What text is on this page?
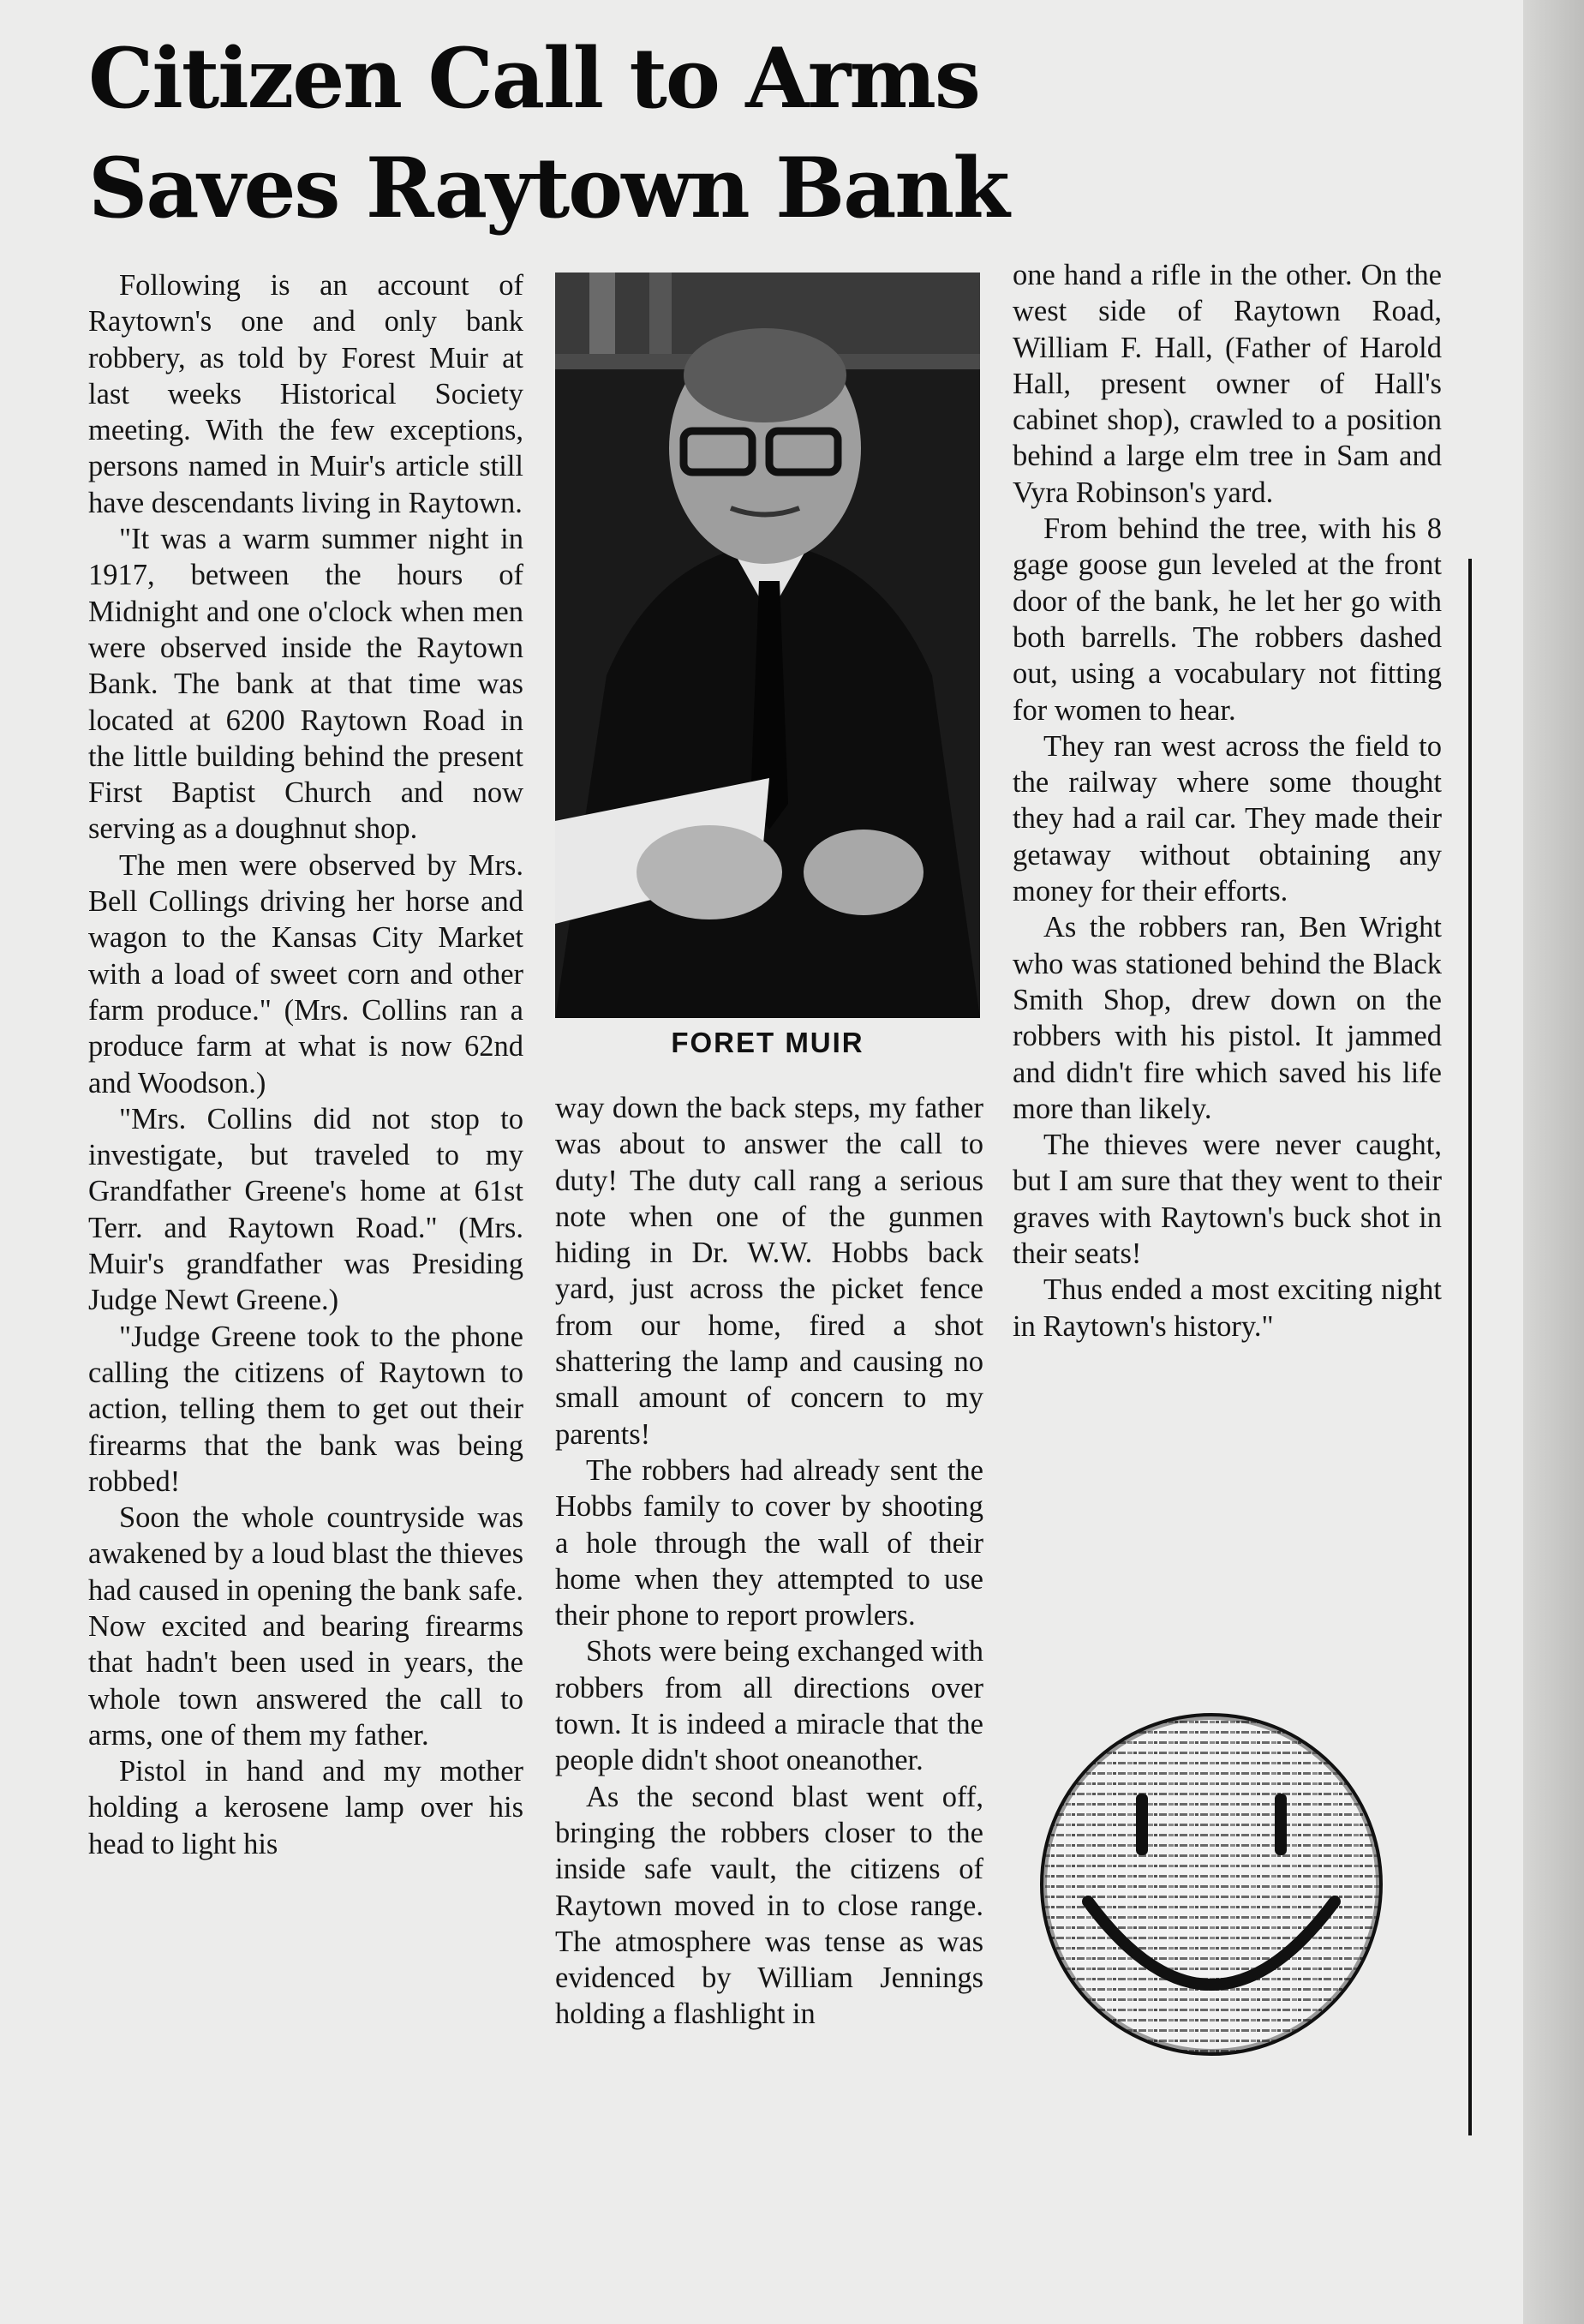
Citizen Call to Arms
Saves Raytown Bank

Following is an account of Raytown's one and only bank robbery, as told by Forest Muir at last weeks Historical Society meeting. With the few exceptions, persons named in Muir's article still have descendants living in Raytown.

"It was a warm summer night in 1917, between the hours of Midnight and one o'clock when men were observed inside the Raytown Bank. The bank at that time was located at 6200 Raytown Road in the little building behind the present First Baptist Church and now serving as a doughnut shop.

The men were observed by Mrs. Bell Collings driving her horse and wagon to the Kansas City Market with a load of sweet corn and other farm produce." (Mrs. Collins ran a produce farm at what is now 62nd and Woodson.)

"Mrs. Collins did not stop to investigate, but traveled to my Grandfather Greene's home at 61st Terr. and Raytown Road." (Mrs. Muir's grandfather was Presiding Judge Newt Greene.)

"Judge Greene took to the phone calling the citizens of Raytown to action, telling them to get out their firearms that the bank was being robbed!

Soon the whole countryside was awakened by a loud blast the thieves had caused in opening the bank safe. Now excited and bearing firearms that hadn't been used in years, the whole town answered the call to arms, one of them my father.

Pistol in hand and my mother holding a kerosene lamp over his head to light his

FORET MUIR

way down the back steps, my father was about to answer the call to duty! The duty call rang a serious note when one of the gunmen hiding in Dr. W.W. Hobbs back yard, just across the picket fence from our home, fired a shot shattering the lamp and causing no small amount of concern to my parents!

The robbers had already sent the Hobbs family to cover by shooting a hole through the wall of their home when they attempted to use their phone to report prowlers.

Shots were being exchanged with robbers from all directions over town. It is indeed a miracle that the people didn't shoot oneanother.

As the second blast went off, bringing the robbers closer to the inside safe vault, the citizens of Raytown moved in to close range. The atmosphere was tense as was evidenced by William Jennings holding a flashlight in

one hand a rifle in the other. On the west side of Raytown Road, William F. Hall, (Father of Harold Hall, present owner of Hall's cabinet shop), crawled to a position behind a large elm tree in Sam and Vyra Robinson's yard.

From behind the tree, with his 8 gage goose gun leveled at the front door of the bank, he let her go with both barrells. The robbers dashed out, using a vocabulary not fitting for women to hear.

They ran west across the field to the railway where some thought they had a rail car. They made their getaway without obtaining any money for their efforts.

As the robbers ran, Ben Wright who was stationed behind the Black Smith Shop, drew down on the robbers with his pistol. It jammed and didn't fire which saved his life more than likely.

The thieves were never caught, but I am sure that they went to their graves with Raytown's buck shot in their seats!

Thus ended a most exciting night in Raytown's history."
